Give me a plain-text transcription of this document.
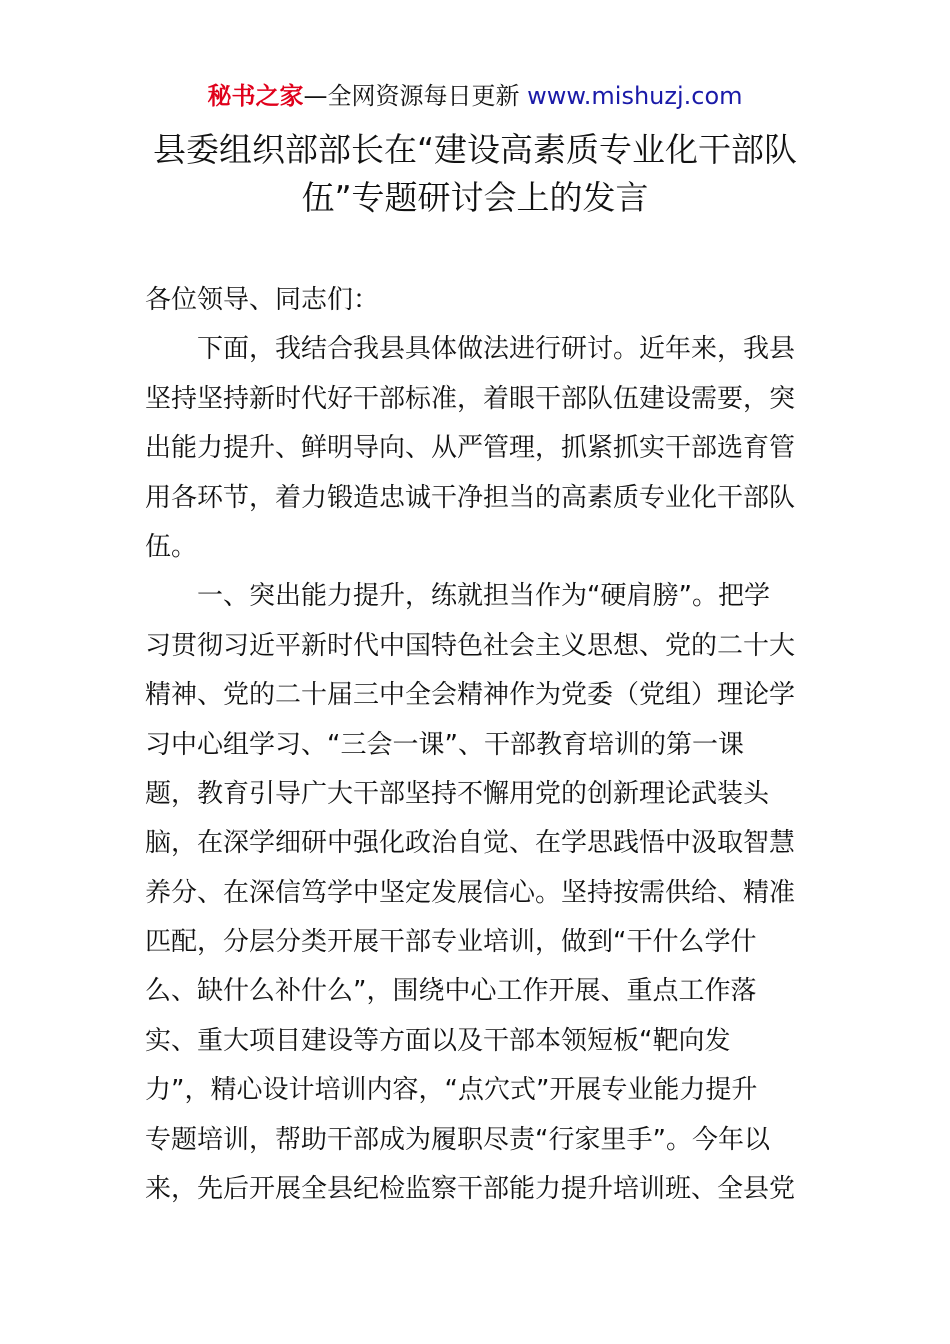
秘书之家—全网资源每日更新 www.mishuzj.com
县委组织部部长在“建设高素质专业化干部队
伍”专题研讨会上的发言
各位领导、同志们：
　　下面，我结合我县具体做法进行研讨。近年来，我县
坚持坚持新时代好干部标准，着眼干部队伍建设需要，突
出能力提升、鲜明导向、从严管理，抓紧抓实干部选育管
用各环节，着力锻造忠诚干净担当的高素质专业化干部队
伍。
　　一、突出能力提升，练就担当作为“硬肩膀”。把学
习贯彻习近平新时代中国特色社会主义思想、党的二十大
精神、党的二十届三中全会精神作为党委（党组）理论学
习中心组学习、“三会一课”、干部教育培训的第一课
题，教育引导广大干部坚持不懈用党的创新理论武装头
脑，在深学细研中强化政治自觉、在学思践悟中汲取智慧
养分、在深信笃学中坚定发展信心。坚持按需供给、精准
匹配，分层分类开展干部专业培训，做到“干什么学什
么、缺什么补什么”，围绕中心工作开展、重点工作落
实、重大项目建设等方面以及干部本领短板“靶向发
力”，精心设计培训内容，“点穴式”开展专业能力提升
专题培训，帮助干部成为履职尽责“行家里手”。今年以
来，先后开展全县纪检监察干部能力提升培训班、全县党
